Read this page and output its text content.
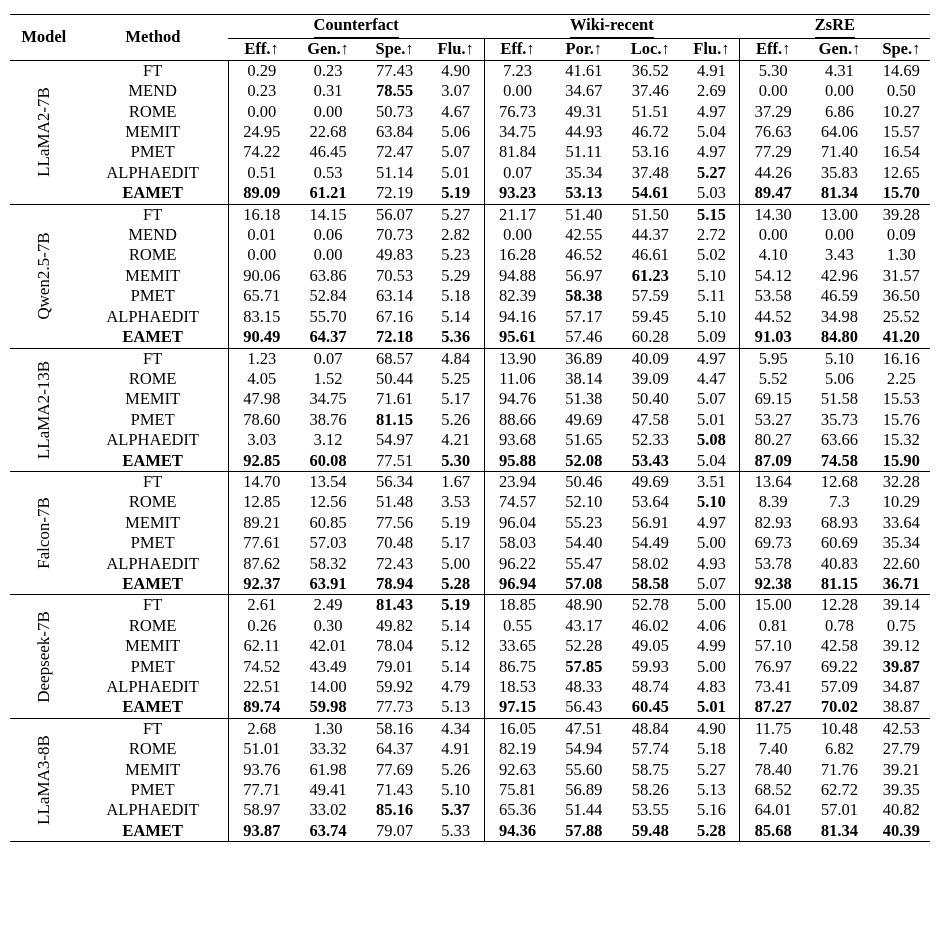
Model	Method	Counterfact				Wiki-recent				ZsRE		
		Eff.↑	Gen.↑	Spe.↑	Flu.↑	Eff.↑	Por.↑	Loc.↑	Flu.↑	Eff.↑	Gen.↑	Spe.↑

LLaMA2-7B	FT	0.29	0.23	77.43	4.90	7.23	41.61	36.52	4.91	5.30	4.31	14.69
	MEND	0.23	0.31	78.55	3.07	0.00	34.67	37.46	2.69	0.00	0.00	0.50
	ROME	0.00	0.00	50.73	4.67	76.73	49.31	51.51	4.97	37.29	6.86	10.27
	MEMIT	24.95	22.68	63.84	5.06	34.75	44.93	46.72	5.04	76.63	64.06	15.57
	PMET	74.22	46.45	72.47	5.07	81.84	51.11	53.16	4.97	77.29	71.40	16.54
	ALPHAEDIT	0.51	0.53	51.14	5.01	0.07	35.34	37.48	5.27	44.26	35.83	12.65
	EAMET	89.09	61.21	72.19	5.19	93.23	53.13	54.61	5.03	89.47	81.34	15.70

Qwen2.5-7B	FT	16.18	14.15	56.07	5.27	21.17	51.40	51.50	5.15	14.30	13.00	39.28
	MEND	0.01	0.06	70.73	2.82	0.00	42.55	44.37	2.72	0.00	0.00	0.09
	ROME	0.00	0.00	49.83	5.23	16.28	46.52	46.61	5.02	4.10	3.43	1.30
	MEMIT	90.06	63.86	70.53	5.29	94.88	56.97	61.23	5.10	54.12	42.96	31.57
	PMET	65.71	52.84	63.14	5.18	82.39	58.38	57.59	5.11	53.58	46.59	36.50
	ALPHAEDIT	83.15	55.70	67.16	5.14	94.16	57.17	59.45	5.10	44.52	34.98	25.52
	EAMET	90.49	64.37	72.18	5.36	95.61	57.46	60.28	5.09	91.03	84.80	41.20

LLaMA2-13B	FT	1.23	0.07	68.57	4.84	13.90	36.89	40.09	4.97	5.95	5.10	16.16
	ROME	4.05	1.52	50.44	5.25	11.06	38.14	39.09	4.47	5.52	5.06	2.25
	MEMIT	47.98	34.75	71.61	5.17	94.76	51.38	50.40	5.07	69.15	51.58	15.53
	PMET	78.60	38.76	81.15	5.26	88.66	49.69	47.58	5.01	53.27	35.73	15.76
	ALPHAEDIT	3.03	3.12	54.97	4.21	93.68	51.65	52.33	5.08	80.27	63.66	15.32
	EAMET	92.85	60.08	77.51	5.30	95.88	52.08	53.43	5.04	87.09	74.58	15.90

Falcon-7B	FT	14.70	13.54	56.34	1.67	23.94	50.46	49.69	3.51	13.64	12.68	32.28
	ROME	12.85	12.56	51.48	3.53	74.57	52.10	53.64	5.10	8.39	7.3	10.29
	MEMIT	89.21	60.85	77.56	5.19	96.04	55.23	56.91	4.97	82.93	68.93	33.64
	PMET	77.61	57.03	70.48	5.17	58.03	54.40	54.49	5.00	69.73	60.69	35.34
	ALPHAEDIT	87.62	58.32	72.43	5.00	96.22	55.47	58.02	4.93	53.78	40.83	22.60
	EAMET	92.37	63.91	78.94	5.28	96.94	57.08	58.58	5.07	92.38	81.15	36.71

Deepseek-7B	FT	2.61	2.49	81.43	5.19	18.85	48.90	52.78	5.00	15.00	12.28	39.14
	ROME	0.26	0.30	49.82	5.14	0.55	43.17	46.02	4.06	0.81	0.78	0.75
	MEMIT	62.11	42.01	78.04	5.12	33.65	52.28	49.05	4.99	57.10	42.58	39.12
	PMET	74.52	43.49	79.01	5.14	86.75	57.85	59.93	5.00	76.97	69.22	39.87
	ALPHAEDIT	22.51	14.00	59.92	4.79	18.53	48.33	48.74	4.83	73.41	57.09	34.87
	EAMET	89.74	59.98	77.73	5.13	97.15	56.43	60.45	5.01	87.27	70.02	38.87

LLaMA3-8B	FT	2.68	1.30	58.16	4.34	16.05	47.51	48.84	4.90	11.75	10.48	42.53
	ROME	51.01	33.32	64.37	4.91	82.19	54.94	57.74	5.18	7.40	6.82	27.79
	MEMIT	93.76	61.98	77.69	5.26	92.63	55.60	58.75	5.27	78.40	71.76	39.21
	PMET	77.71	49.41	71.43	5.10	75.81	56.89	58.26	5.13	68.52	62.72	39.35
	ALPHAEDIT	58.97	33.02	85.16	5.37	65.36	51.44	53.55	5.16	64.01	57.01	40.82
	EAMET	93.87	63.74	79.07	5.33	94.36	57.88	59.48	5.28	85.68	81.34	40.39
